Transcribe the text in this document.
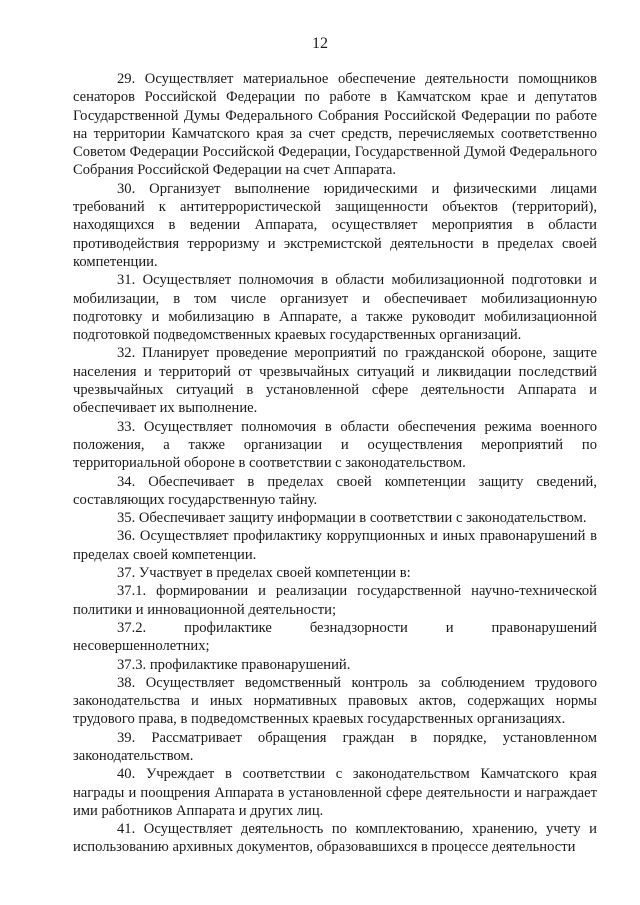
12

29. Осуществляет материальное обеспечение деятельности помощников сенаторов Российской Федерации по работе в Камчатском крае и депутатов Государственной Думы Федерального Собрания Российской Федерации по работе на территории Камчатского края за счет средств, перечисляемых соответственно Советом Федерации Российской Федерации, Государственной Думой Федерального Собрания Российской Федерации на счет Аппарата.

30. Организует выполнение юридическими и физическими лицами требований к антитеррористической защищенности объектов (территорий), находящихся в ведении Аппарата, осуществляет мероприятия в области противодействия терроризму и экстремистской деятельности в пределах своей компетенции.

31. Осуществляет полномочия в области мобилизационной подготовки и мобилизации, в том числе организует и обеспечивает мобилизационную подготовку и мобилизацию в Аппарате, а также руководит мобилизационной подготовкой подведомственных краевых государственных организаций.

32. Планирует проведение мероприятий по гражданской обороне, защите населения и территорий от чрезвычайных ситуаций и ликвидации последствий чрезвычайных ситуаций в установленной сфере деятельности Аппарата и обеспечивает их выполнение.

33. Осуществляет полномочия в области обеспечения режима военного положения, а также организации и осуществления мероприятий по территориальной обороне в соответствии с законодательством.

34. Обеспечивает в пределах своей компетенции защиту сведений, составляющих государственную тайну.

35. Обеспечивает защиту информации в соответствии с законодательством.

36. Осуществляет профилактику коррупционных и иных правонарушений в пределах своей компетенции.

37. Участвует в пределах своей компетенции в:

37.1. формировании и реализации государственной научно-технической политики и инновационной деятельности;

37.2. профилактике безнадзорности и правонарушений несовершеннолетних;

37.3. профилактике правонарушений.

38. Осуществляет ведомственный контроль за соблюдением трудового законодательства и иных нормативных правовых актов, содержащих нормы трудового права, в подведомственных краевых государственных организациях.

39. Рассматривает обращения граждан в порядке, установленном законодательством.

40. Учреждает в соответствии с законодательством Камчатского края награды и поощрения Аппарата в установленной сфере деятельности и награждает ими работников Аппарата и других лиц.

41. Осуществляет деятельность по комплектованию, хранению, учету и использованию архивных документов, образовавшихся в процессе деятельности
